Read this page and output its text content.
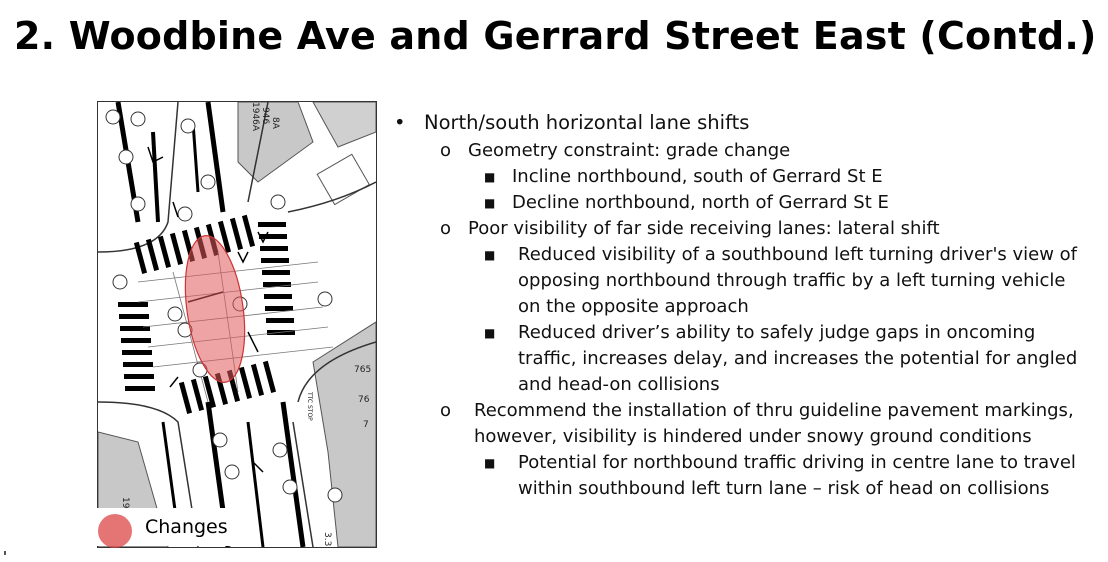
2. Woodbine Ave and Gerrard Street East (Contd.)
8A
946
1946A
765
76
7
19
3.3
TTC STOP
Changes
• North/south horizontal lane shifts
o Geometry constraint: grade change
■ Incline northbound, south of Gerrard St E
■ Decline northbound, north of Gerrard St E
o Poor visibility of far side receiving lanes: lateral shift
■ Reduced visibility of a southbound left turning driver's view of opposing northbound through traffic by a left turning vehicle on the opposite approach
■ Reduced driver’s ability to safely judge gaps in oncoming traffic, increases delay, and increases the potential for angled and head-on collisions
o Recommend the installation of thru guideline pavement markings, however, visibility is hindered under snowy ground conditions
■ Potential for northbound traffic driving in centre lane to travel within southbound left turn lane – risk of head on collisions
